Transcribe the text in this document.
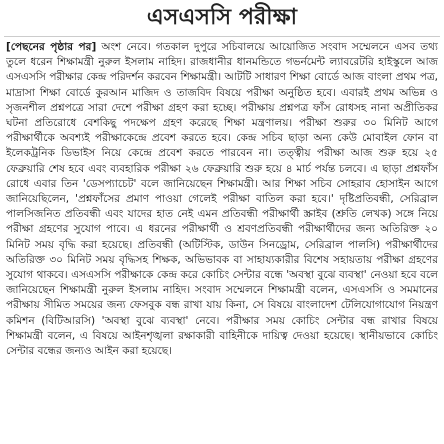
এসএসসি পরীক্ষা

[পেছনের পৃষ্ঠার পর] অংশ নেবে। গতকাল দুপুরে সচিবালয়ে আয়োজিত সংবাদ সম্মেলনে এসব তথ্য তুলে ধরেন শিক্ষামন্ত্রী নুরুল ইসলাম নাহিদ। রাজধানীর ধানমন্ডিতে গভর্নমেন্ট ল্যাবরেটরি হাইস্কুলে আজ এসএসসি পরীক্ষার কেন্দ্র পরিদর্শন করবেন শিক্ষামন্ত্রী। আটটি সাধারণ শিক্ষা বোর্ডে আজ বাংলা প্রথম পত্র, মাদ্রাসা শিক্ষা বোর্ডে কুরআন মাজিদ ও তাজবিদ বিষয়ে পরীক্ষা অনুষ্ঠিত হবে। এবারই প্রথম অভিন্ন ও সৃজনশীল প্রশ্নপত্রে সারা দেশে পরীক্ষা গ্রহণ করা হচ্ছে। পরীক্ষায় প্রশ্নপত্র ফাঁস রোধসহ নানা অপ্রীতিকর ঘটনা প্রতিরোধে বেশকিছু পদক্ষেপ গ্রহণ করেছে শিক্ষা মন্ত্রণালয়। পরীক্ষা শুরুর ৩০ মিনিট আগে পরীক্ষার্থীকে অবশ্যই পরীক্ষাকেন্দ্রে প্রবেশ করতে হবে। কেন্দ্র সচিব ছাড়া অন্য কেউ মোবাইল ফোন বা ইলেকট্রনিক ডিভাইস নিয়ে কেন্দ্রে প্রবেশ করতে পারবেন না। তত্ত্বীয় পরীক্ষা আজ শুরু হয়ে ২৫ ফেব্রুয়ারি শেষ হবে এবং ব্যবহারিক পরীক্ষা ২৬ ফেব্রুয়ারি শুরু হয়ে ৪ মার্চ পর্যন্ত চলবে। এ ছাড়া প্রশ্নফাঁস রোধে এবার তিন 'ডেসপ্যাচেট' বলে জানিয়েছেন শিক্ষামন্ত্রী। আর শিক্ষা সচিব সোহরাব হোসাইন আগে জানিয়েছিলেন, 'প্রশ্নফাঁসের প্রমাণ পাওয়া গেলেই পরীক্ষা বাতিল করা হবে।' দৃষ্টিপ্রতিবন্ধী, সেরিব্রাল পালসিজনিত প্রতিবন্ধী এবং যাদের হাত নেই এমন প্রতিবন্ধী পরীক্ষার্থী স্ক্রাইব (শ্রুতি লেখক) সঙ্গে নিয়ে পরীক্ষা গ্রহণের সুযোগ পাবে। এ ধরনের পরীক্ষার্থী ও শ্রবণপ্রতিবন্ধী পরীক্ষার্থীদের জন্য অতিরিক্ত ২০ মিনিট সময় বৃদ্ধি করা হয়েছে। প্রতিবন্ধী (অটিস্টিক, ডাউন সিনড্রোম, সেরিব্রাল পালসি) পরীক্ষার্থীদের অতিরিক্ত ৩০ মিনিট সময় বৃদ্ধিসহ শিক্ষক, অভিভাবক বা সাহায্যকারীর বিশেষ সহায়তায় পরীক্ষা গ্রহণের সুযোগ থাকবে। এসএসসি পরীক্ষাকে কেন্দ্র করে কোচিং সেন্টার বন্ধে 'অবস্থা বুঝে ব্যবস্থা' নেওয়া হবে বলে জানিয়েছেন শিক্ষামন্ত্রী নুরুল ইসলাম নাহিদ। সংবাদ সম্মেলনে শিক্ষামন্ত্রী বলেন, এসএসসি ও সমমানের পরীক্ষায় সীমিত সময়ের জন্য ফেসবুক বন্ধ রাখা যায় কিনা, সে বিষয়ে বাংলাদেশ টেলিযোগাযোগ নিয়ন্ত্রণ কমিশন (বিটিআরসি) 'অবস্থা বুঝে ব্যবস্থা' নেবে। পরীক্ষার সময় কোচিং সেন্টার বন্ধ রাখার বিষয়ে শিক্ষামন্ত্রী বলেন, এ বিষয়ে আইনশৃঙ্খলা রক্ষাকারী বাহিনীকে দায়িত্ব দেওয়া হয়েছে। স্থানীয়ভাবে কোচিং সেন্টার বন্ধের জন্যও আইন করা হয়েছে।
